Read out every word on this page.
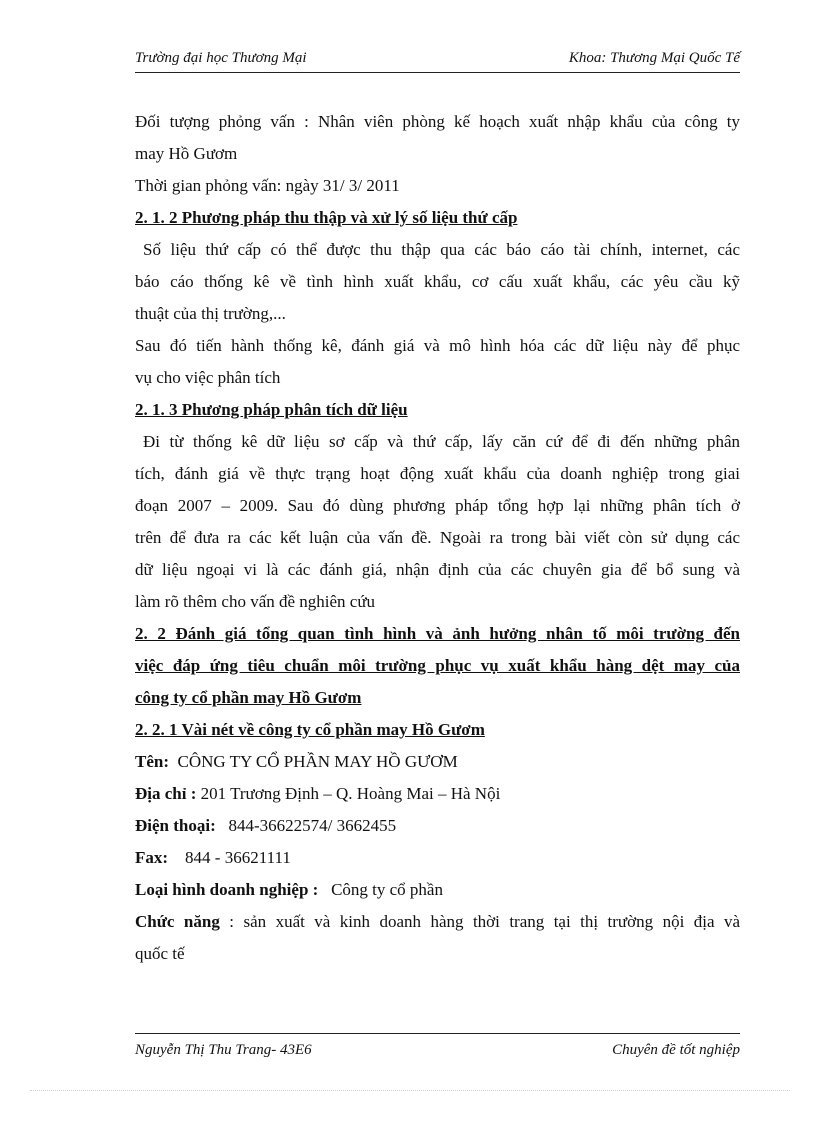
Trường đại học Thương Mại	Khoa: Thương Mại Quốc Tế
Đối tượng phỏng vấn : Nhân viên phòng kế hoạch xuất nhập khẩu của công ty
may Hồ Gươm
Thời gian phỏng vấn: ngày 31/ 3/ 2011
2. 1. 2 Phương pháp thu thập và xử lý số liệu thứ cấp
Số liệu thứ cấp có thể được thu thập qua các báo cáo tài chính, internet, các
báo cáo thống kê về tình hình xuất khẩu, cơ cấu xuất khẩu, các yêu cầu kỹ
thuật của thị trường,...
Sau đó tiến hành thống kê, đánh giá và mô hình hóa các dữ liệu này để phục
vụ cho việc phân tích
2. 1. 3 Phương pháp phân tích dữ liệu
Đi từ thống kê dữ liệu sơ cấp và thứ cấp, lấy căn cứ để đi đến những phân
tích, đánh giá về thực trạng hoạt động xuất khẩu của doanh nghiệp trong giai
đoạn 2007 – 2009. Sau đó dùng phương pháp tổng hợp lại những phân tích ở
trên để đưa ra các kết luận của vấn đề. Ngoài ra trong bài viết còn sử dụng các
dữ liệu ngoại vi là các đánh giá, nhận định của các chuyên gia để bổ sung và
làm rõ thêm cho vấn đề nghiên cứu
2. 2 Đánh giá tổng quan tình hình và ảnh hưởng nhân tố môi trường đến
việc đáp ứng tiêu chuẩn môi trường phục vụ xuất khẩu hàng dệt may của
công ty cổ phần may Hồ Gươm
2. 2. 1 Vài nét về công ty cổ phần may Hồ Gươm
Tên: CÔNG TY CỔ PHẦN MAY HỒ GƯƠM
Địa chỉ : 201 Trương Định – Q. Hoàng Mai – Hà Nội
Điện thoại: 844-36622574/ 3662455
Fax: 844 - 36621111
Loại hình doanh nghiệp : Công ty cổ phần
Chức năng : sản xuất và kinh doanh hàng thời trang tại thị trường nội địa và
quốc tế
Nguyễn Thị Thu Trang- 43E6	Chuyên đề tốt nghiệp
